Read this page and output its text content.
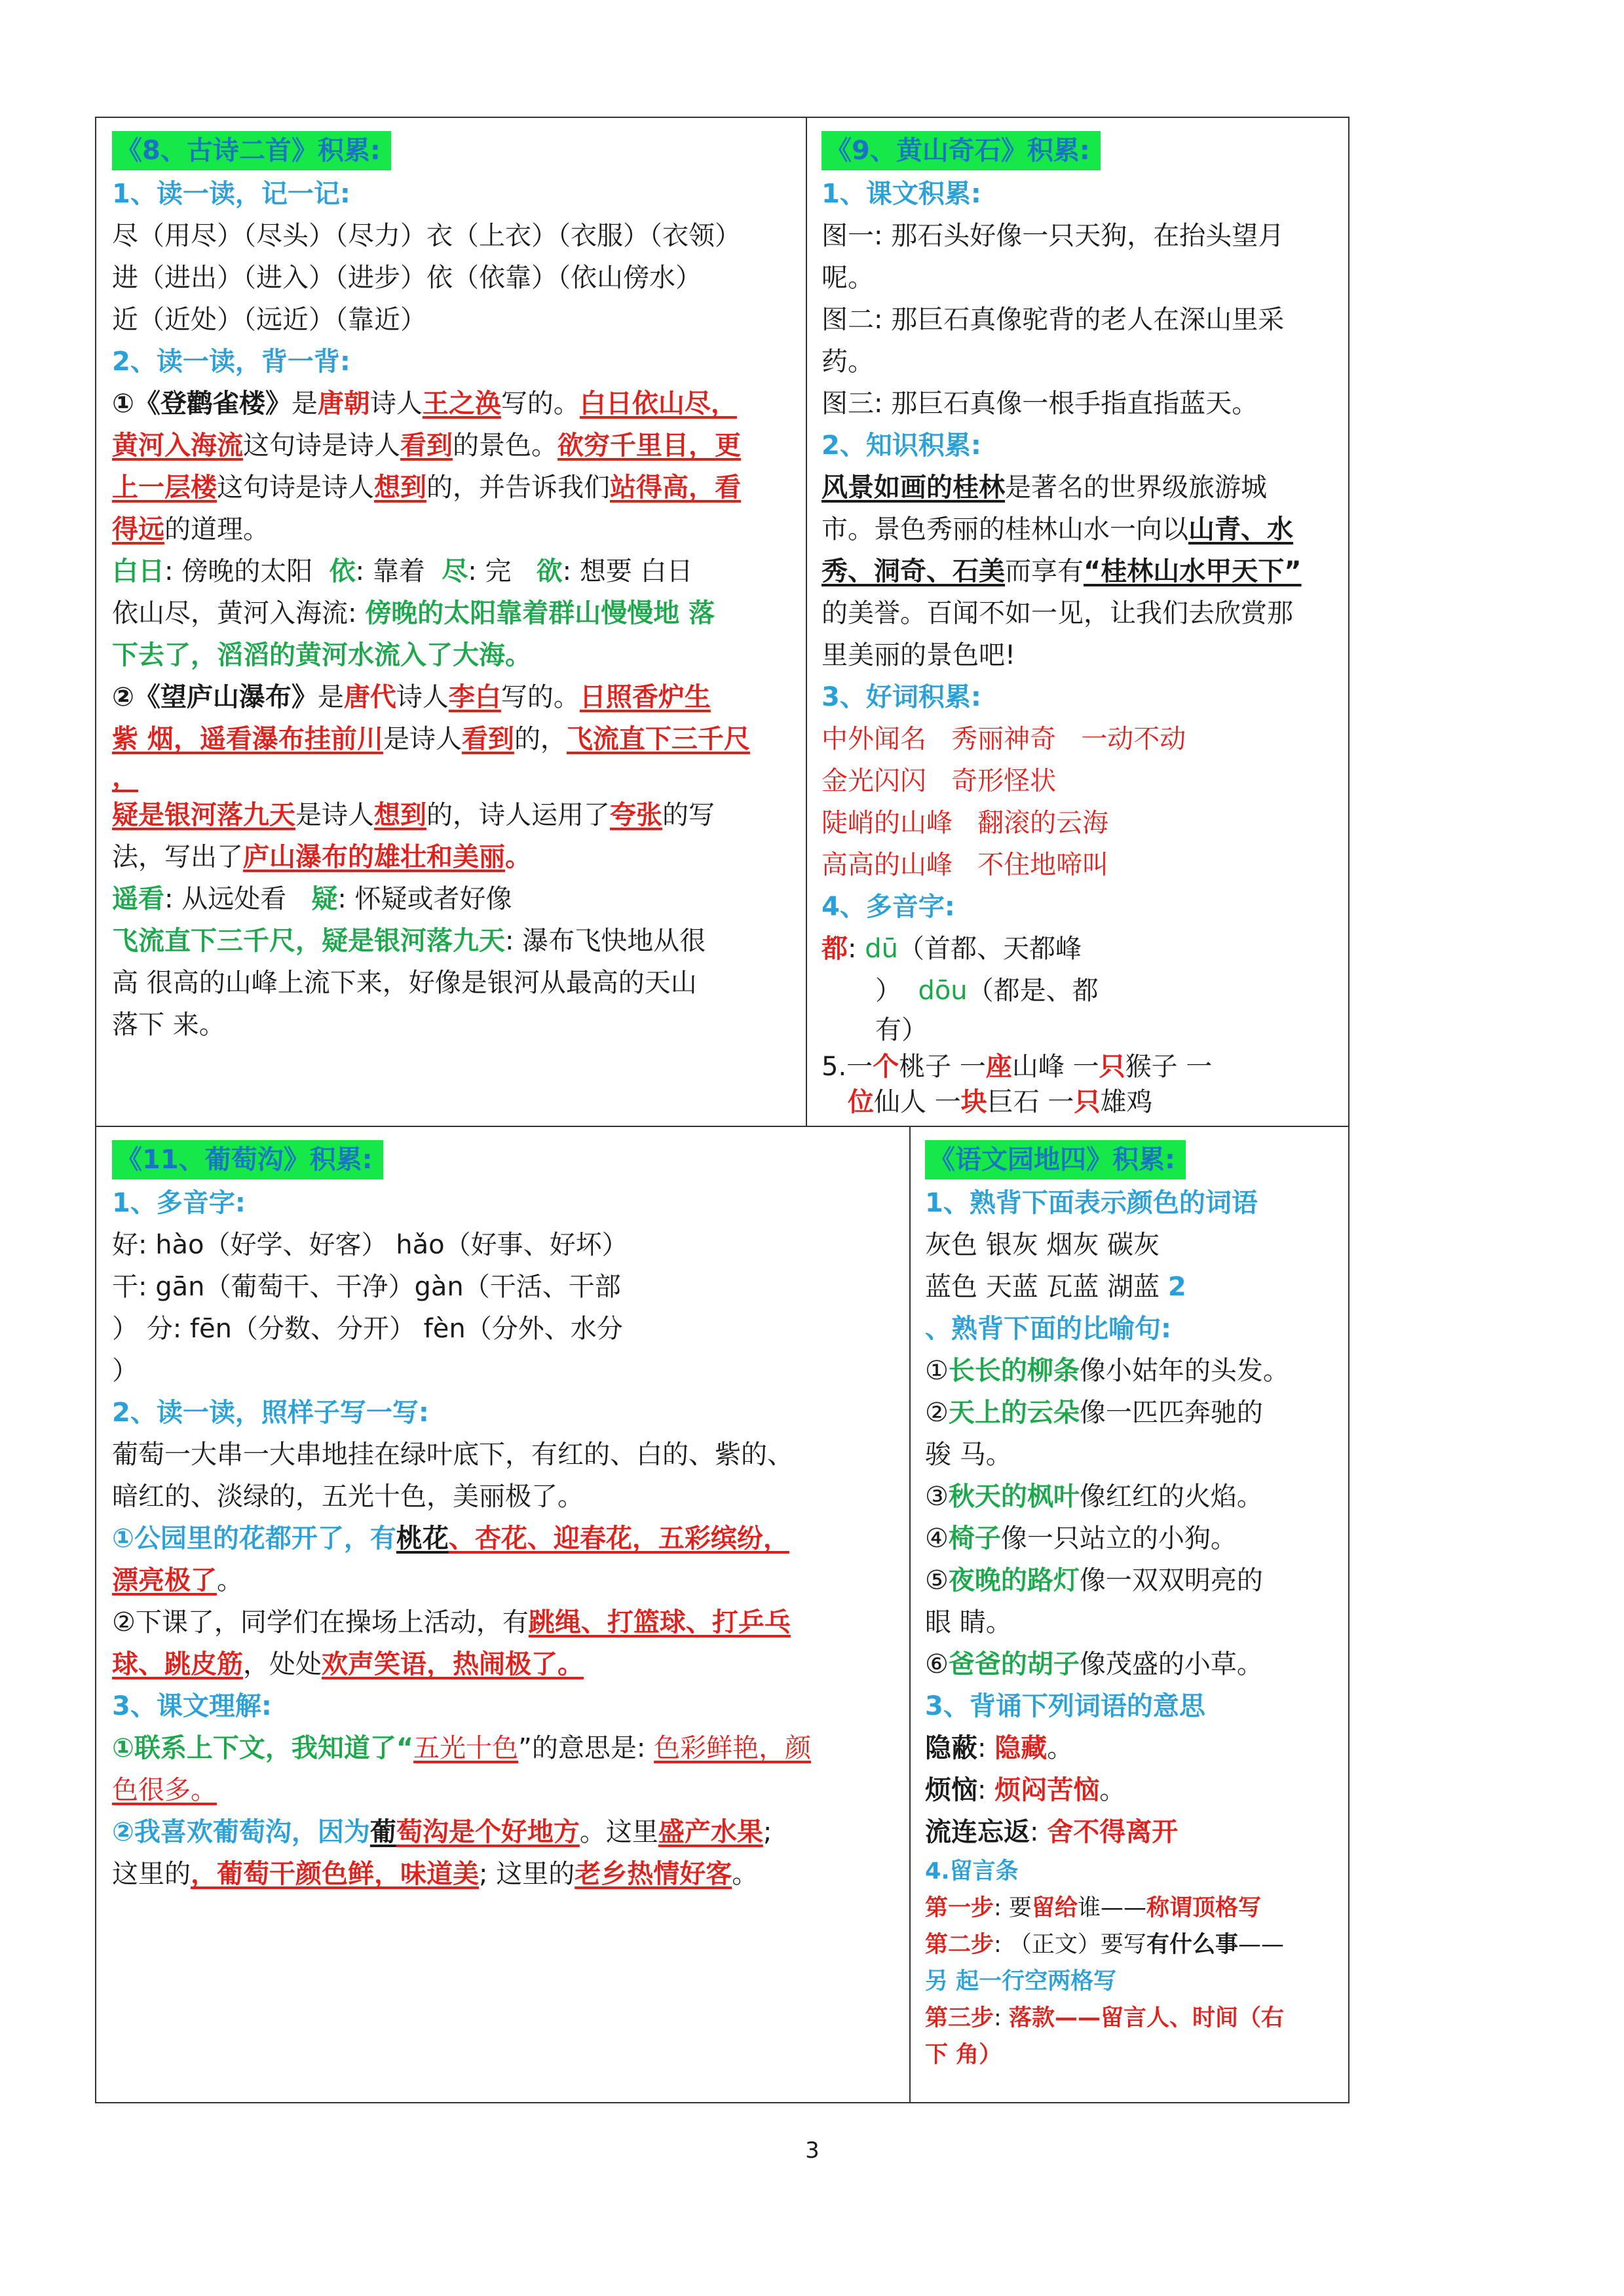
《8、古诗二首》积累:
1、读一读，记一记:
尽（用尽）（尽头）（尽力）衣（上衣）（衣服）（衣领）
进（进出）（进入）（进步）依（依靠）（依山傍水）
近（近处）（远近）（靠近）
2、读一读，背一背:
①《登鹳雀楼》是唐朝诗人王之涣写的。白日依山尽，
黄河入海流这句诗是诗人看到的景色。欲穷千里目，更
上一层楼这句诗是诗人想到的，并告诉我们站得高，看
得远的道理。
白日: 傍晚的太阳 依: 靠着 尽: 完 欲: 想要 白日
依山尽，黄河入海流: 傍晚的太阳靠着群山慢慢地 落
下去了，滔滔的黄河水流入了大海。
②《望庐山瀑布》是唐代诗人李白写的。日照香炉生
紫 烟，遥看瀑布挂前川是诗人看到的，飞流直下三千尺
，
疑是银河落九天是诗人想到的，诗人运用了夸张的写
法，写出了庐山瀑布的雄壮和美丽。
遥看: 从远处看 疑: 怀疑或者好像
飞流直下三千尺，疑是银河落九天: 瀑布飞快地从很
高 很高的山峰上流下来，好像是银河从最高的天山
落下 来。
《9、黄山奇石》积累:
1、课文积累:
图一: 那石头好像一只天狗，在抬头望月
呢。
图二: 那巨石真像驼背的老人在深山里采
药。
图三: 那巨石真像一根手指直指蓝天。
2、知识积累:
风景如画的桂林是著名的世界级旅游城
市。景色秀丽的桂林山水一向以山青、水
秀、洞奇、石美而享有“桂林山水甲天下”
的美誉。百闻不如一见，让我们去欣赏那
里美丽的景色吧!
3、好词积累:
中外闻名 秀丽神奇 一动不动
金光闪闪 奇形怪状
陡峭的山峰 翻滚的云海
高高的山峰 不住地啼叫
4、多音字:
都: dū（首都、天都峰
） dōu（都是、都
有）
5.一个桃子 一座山峰 一只猴子 一
位仙人 一块巨石 一只雄鸡
《11、葡萄沟》积累:
1、多音字:
好: hào（好学、好客） hǎo（好事、好坏）
干: gān（葡萄干、干净）gàn（干活、干部
） 分: fēn（分数、分开） fèn（分外、水分
）
2、读一读，照样子写一写:
葡萄一大串一大串地挂在绿叶底下，有红的、白的、紫的、
暗红的、淡绿的，五光十色，美丽极了。
①公园里的花都开了，有桃花、杏花、迎春花，五彩缤纷，
漂亮极了。
②下课了，同学们在操场上活动，有跳绳、打篮球、打乒乓
球、跳皮筋，处处欢声笑语，热闹极了。
3、课文理解:
①联系上下文，我知道了“五光十色”的意思是: 色彩鲜艳，颜
色很多。
②我喜欢葡萄沟，因为葡萄沟是个好地方。这里盛产水果;
这里的，葡萄干颜色鲜，味道美; 这里的老乡热情好客。
《语文园地四》积累:
1、熟背下面表示颜色的词语
灰色 银灰 烟灰 碳灰
蓝色 天蓝 瓦蓝 湖蓝 2
、熟背下面的比喻句:
①长长的柳条像小姑年的头发。
②天上的云朵像一匹匹奔驰的
骏 马。
③秋天的枫叶像红红的火焰。
④椅子像一只站立的小狗。
⑤夜晚的路灯像一双双明亮的
眼 睛。
⑥爸爸的胡子像茂盛的小草。
3、背诵下列词语的意思
隐蔽: 隐藏。
烦恼: 烦闷苦恼。
流连忘返: 舍不得离开
4.留言条
第一步: 要留给谁——称谓顶格写
第二步: （正文）要写有什么事——
另 起一行空两格写
第三步: 落款——留言人、时间（右
下 角）
3
